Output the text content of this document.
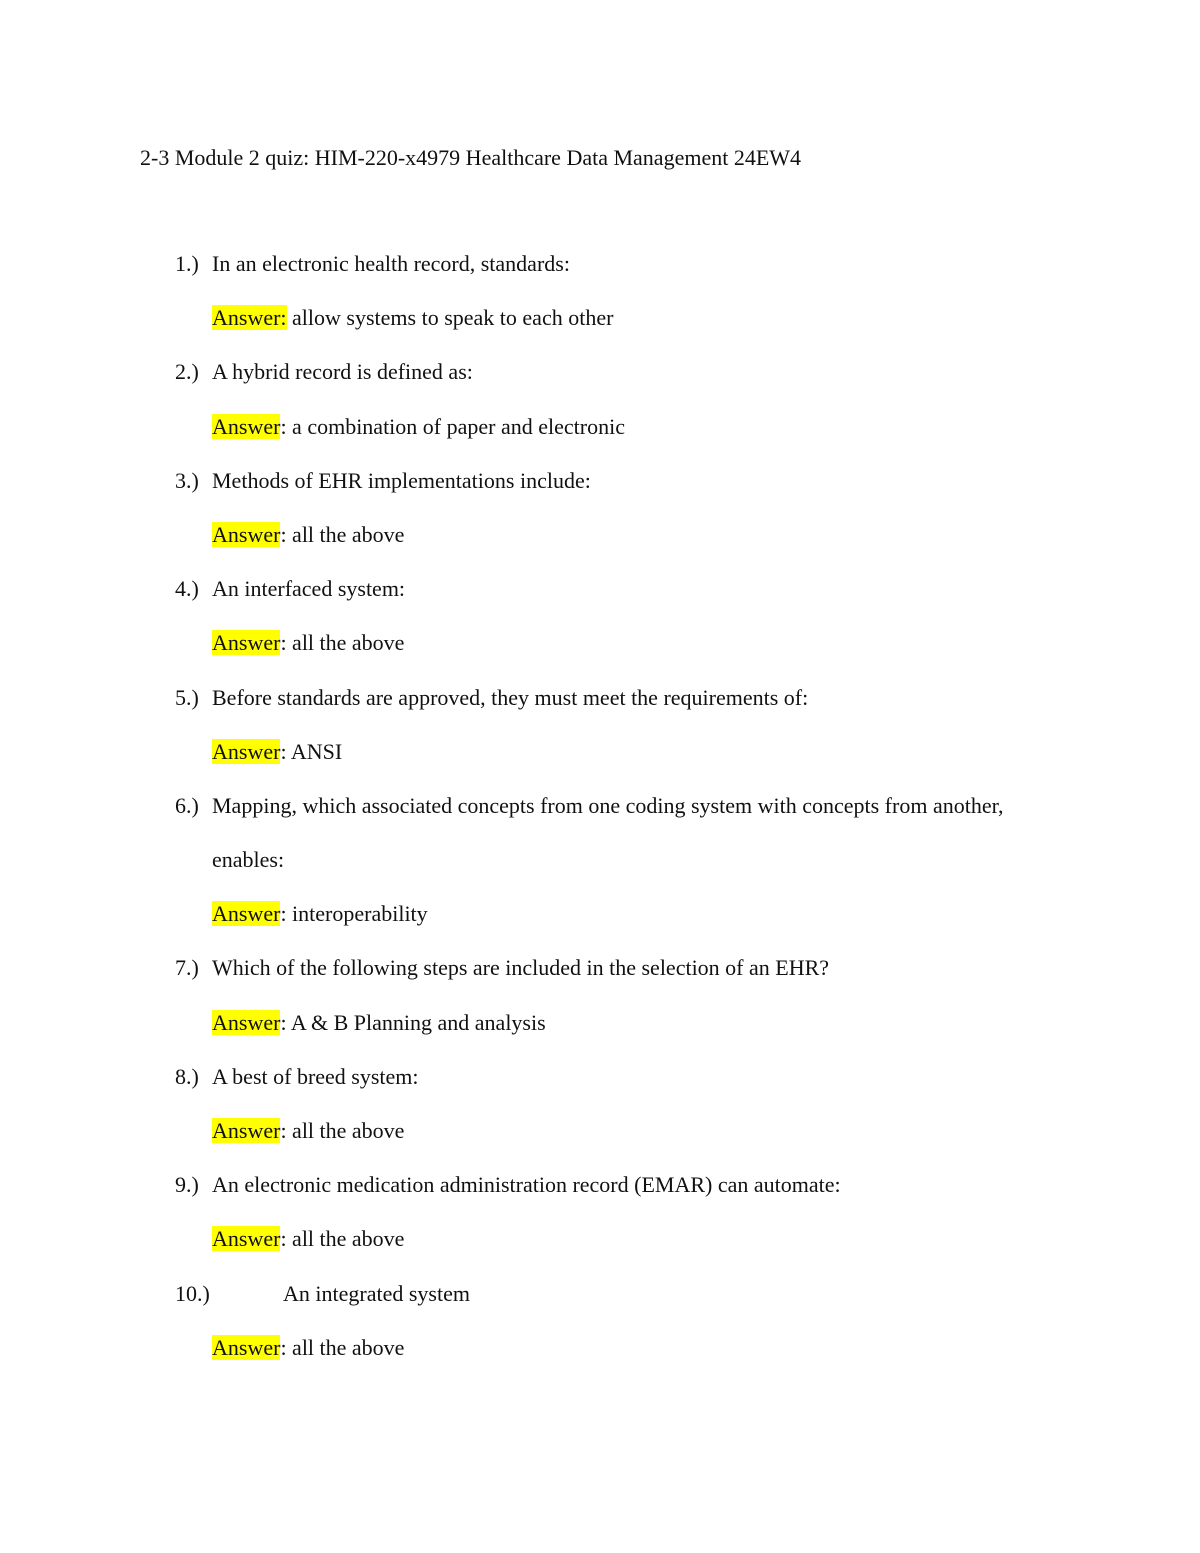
2-3 Module 2 quiz: HIM-220-x4979 Healthcare Data Management 24EW4
1.) In an electronic health record, standards:
Answer: allow systems to speak to each other
2.) A hybrid record is defined as:
Answer: a combination of paper and electronic
3.) Methods of EHR implementations include:
Answer: all the above
4.) An interfaced system:
Answer: all the above
5.) Before standards are approved, they must meet the requirements of:
Answer: ANSI
6.) Mapping, which associated concepts from one coding system with concepts from another,
enables:
Answer: interoperability
7.) Which of the following steps are included in the selection of an EHR?
Answer: A & B Planning and analysis
8.) A best of breed system:
Answer: all the above
9.) An electronic medication administration record (EMAR) can automate:
Answer: all the above
10.)	An integrated system
Answer: all the above
